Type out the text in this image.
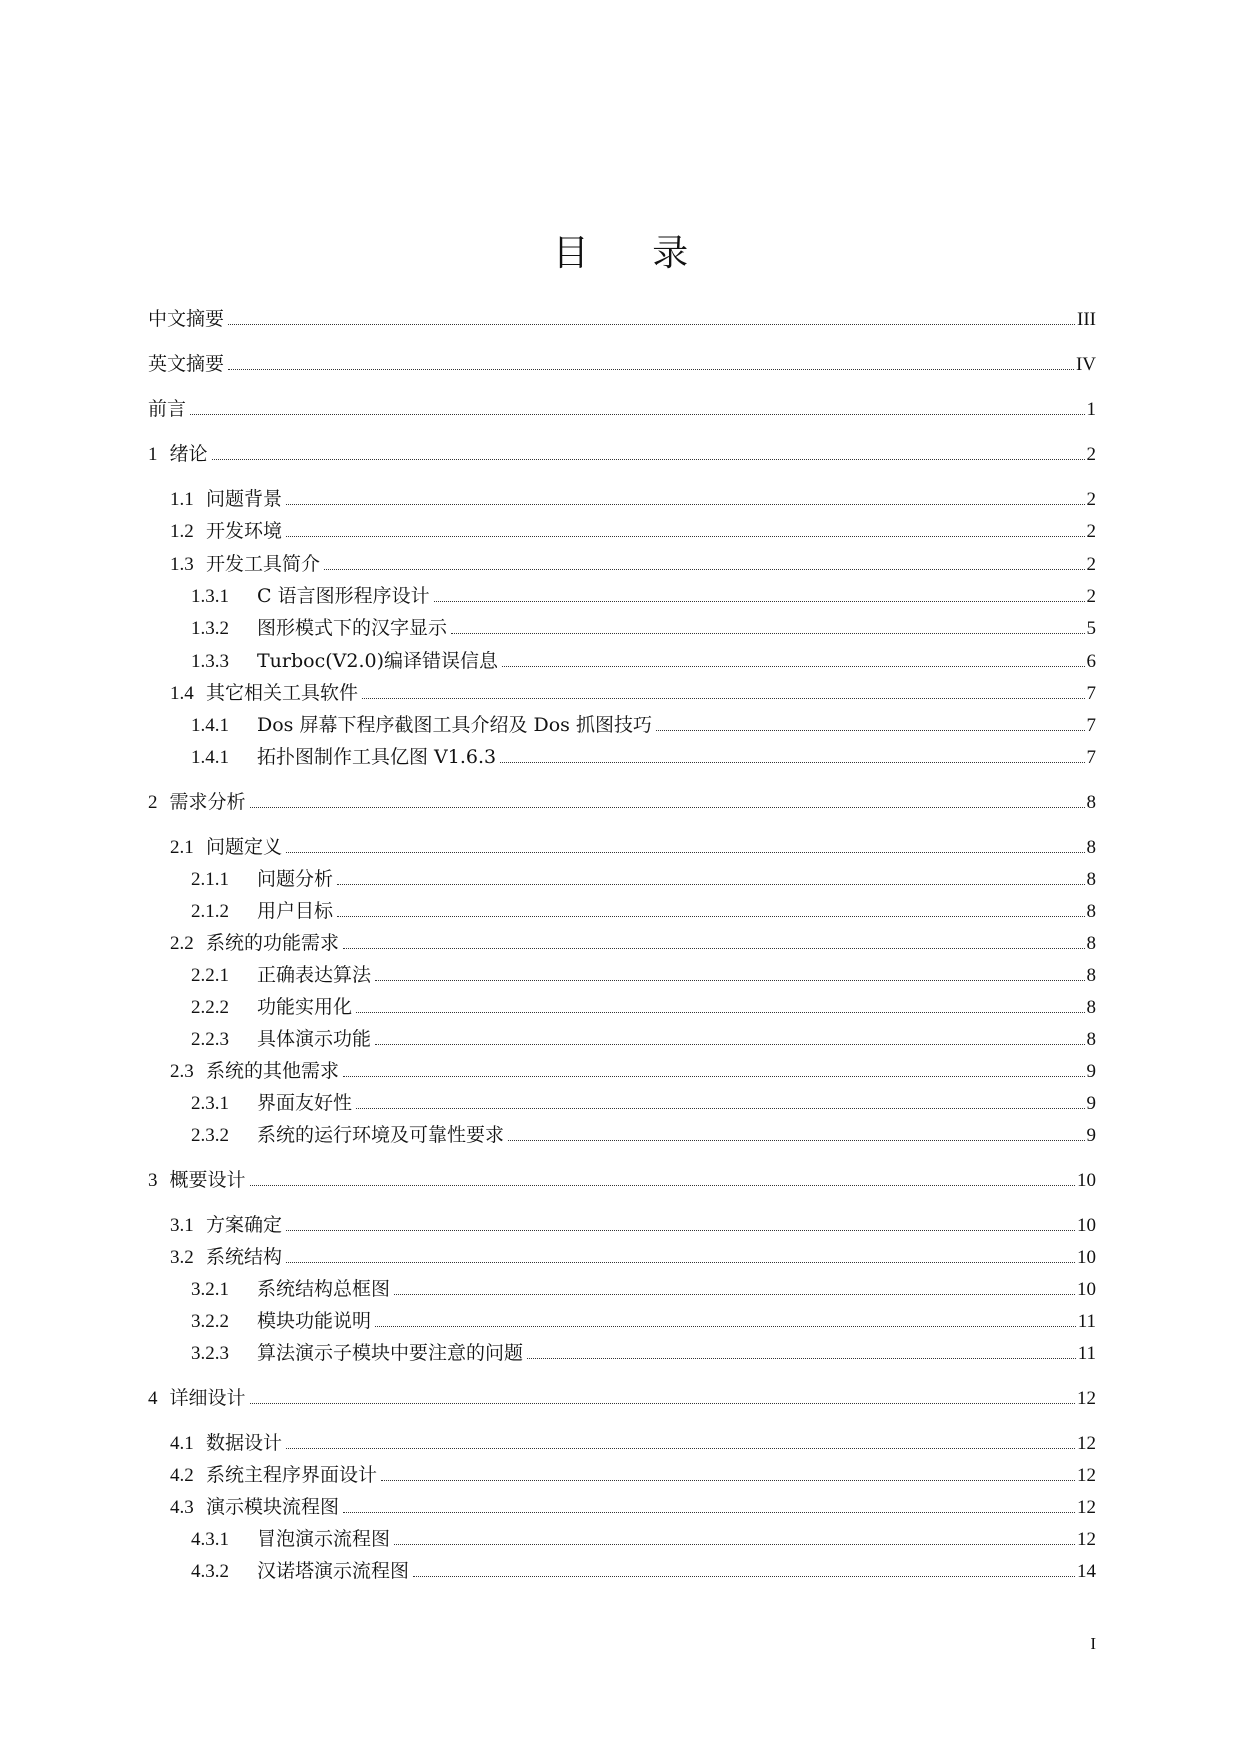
目 录
中文摘要	III
英文摘要	IV
前言	1
1 绪论	2
1.1 问题背景	2
1.2 开发环境	2
1.3 开发工具简介	2
1.3.1	C 语言图形程序设计	2
1.3.2	图形模式下的汉字显示	5
1.3.3	Turboc(V2.0)编译错误信息	6
1.4 其它相关工具软件	7
1.4.1	Dos 屏幕下程序截图工具介绍及 Dos 抓图技巧	7
1.4.1	拓扑图制作工具亿图 V1.6.3	7
2 需求分析	8
2.1 问题定义	8
2.1.1	问题分析	8
2.1.2	用户目标	8
2.2 系统的功能需求	8
2.2.1	正确表达算法	8
2.2.2	功能实用化	8
2.2.3	具体演示功能	8
2.3 系统的其他需求	9
2.3.1	界面友好性	9
2.3.2	系统的运行环境及可靠性要求	9
3 概要设计	10
3.1 方案确定	10
3.2 系统结构	10
3.2.1	系统结构总框图	10
3.2.2	模块功能说明	11
3.2.3	算法演示子模块中要注意的问题	11
4 详细设计	12
4.1 数据设计	12
4.2 系统主程序界面设计	12
4.3 演示模块流程图	12
4.3.1	冒泡演示流程图	12
4.3.2	汉诺塔演示流程图	14
I
